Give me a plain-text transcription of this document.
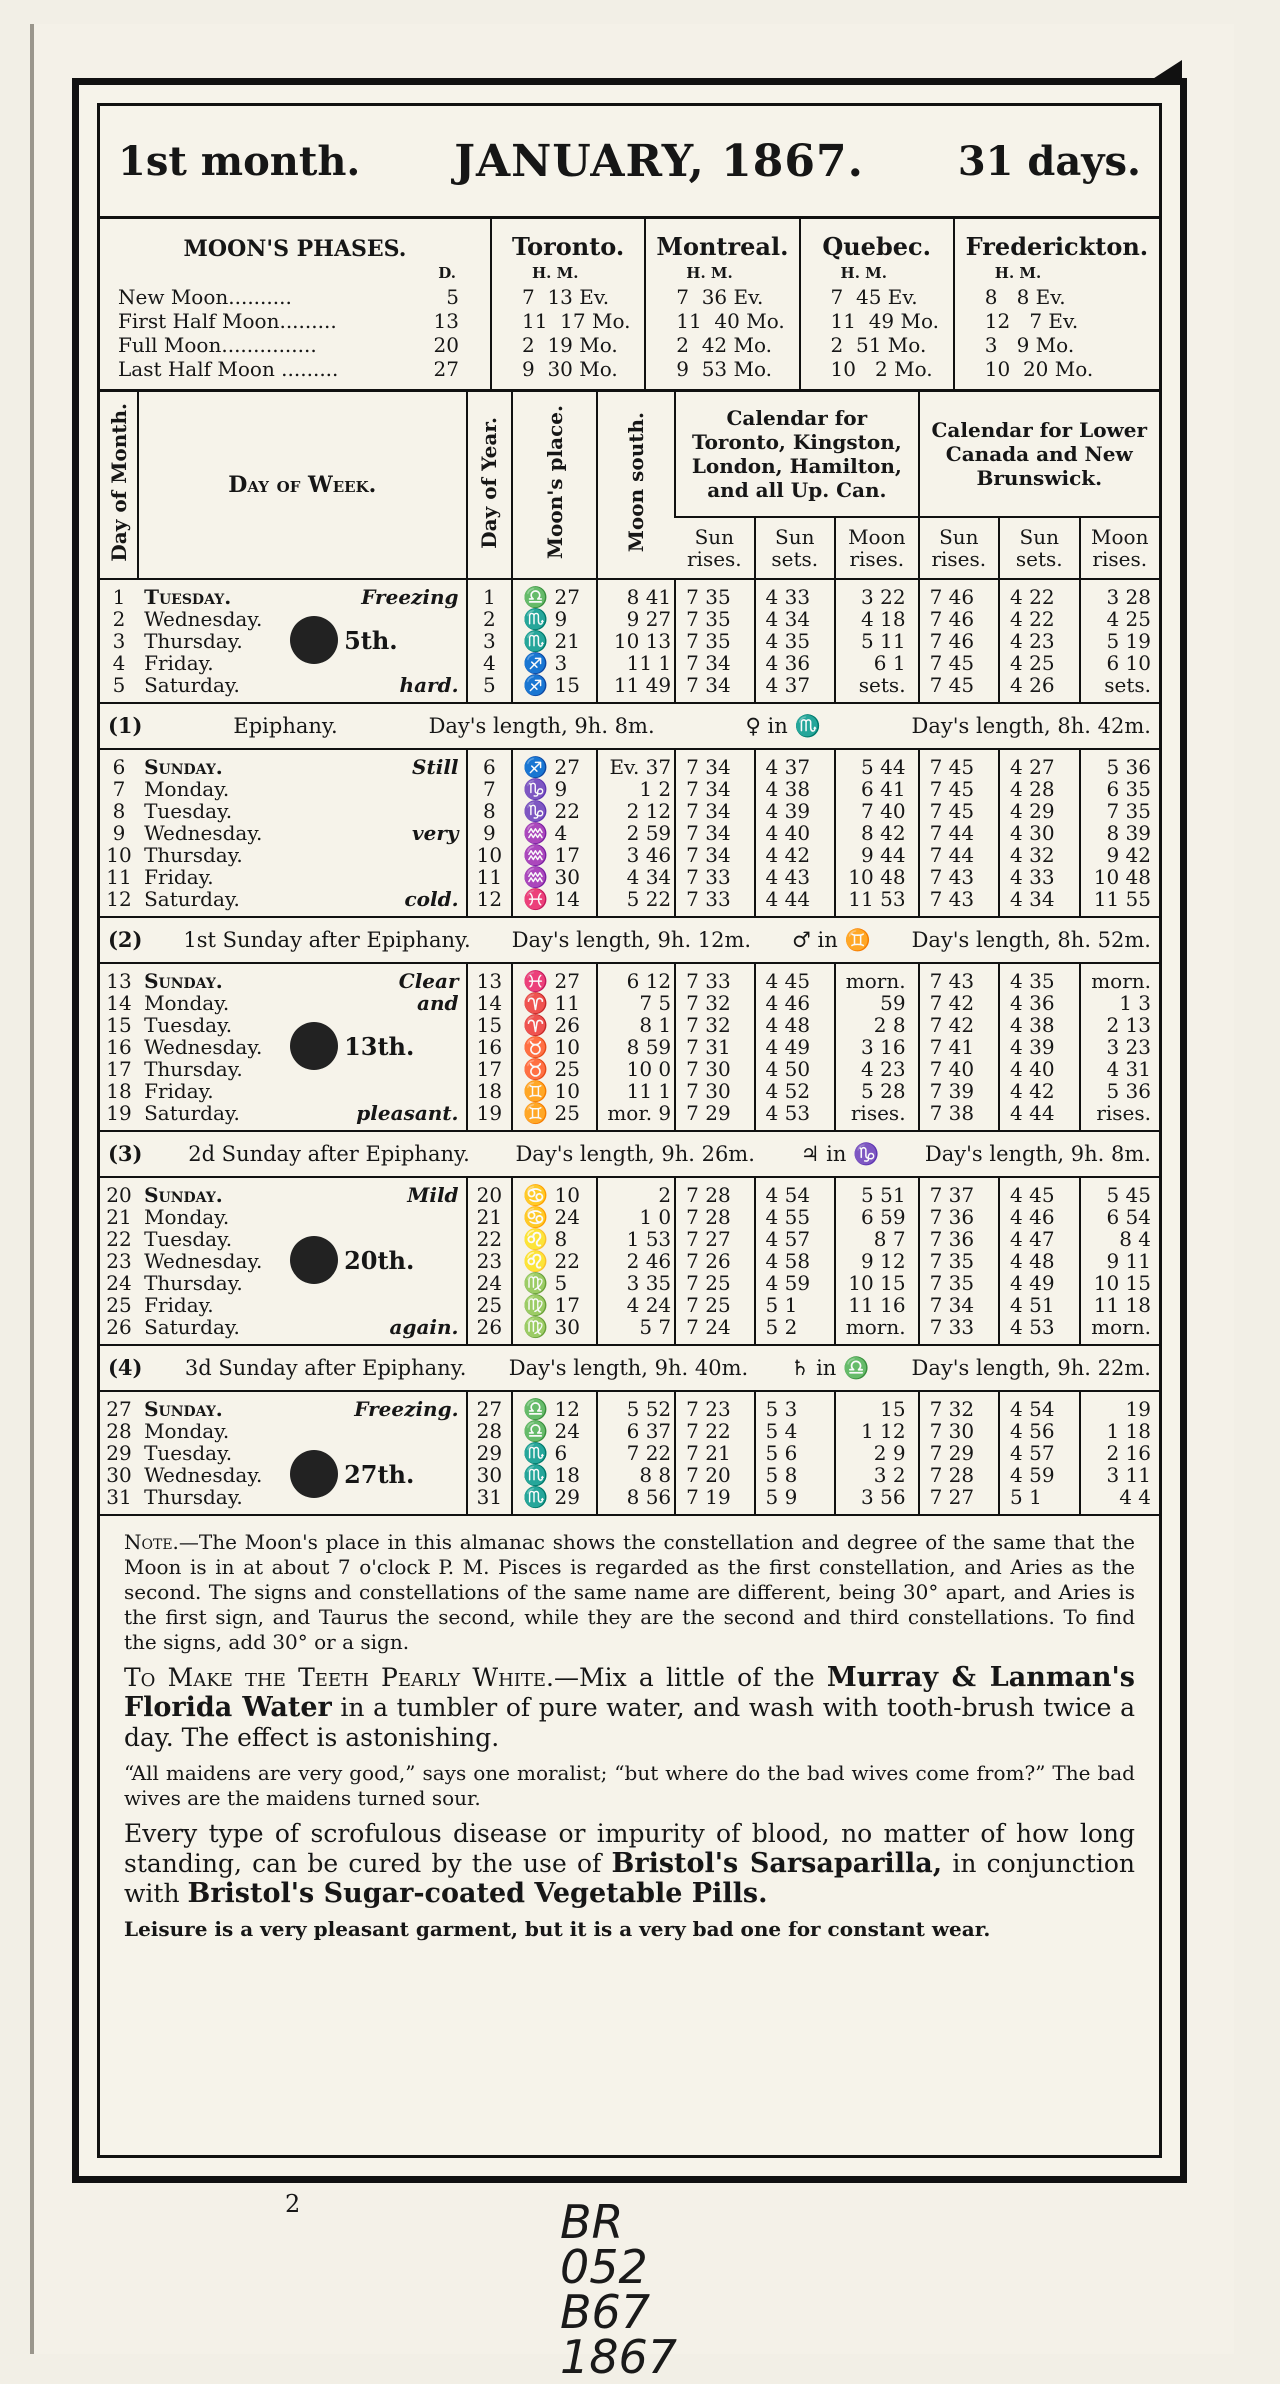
1st month. JANUARY, 1867. 31 days.
MOON'S PHASES.	Toronto.	Montreal.	Quebec.	Frederickton.
D.	H. M.	H. M.	H. M.	H. M.
New Moon.......... 5	7  13 Ev.	7  36 Ev.	7  45 Ev.	8   8 Ev.
First Half Moon......... 13	11  17 Mo.	11  40 Mo.	11  49 Mo.	12   7 Ev.
Full Moon............... 20	2  19 Mo.	2  42 Mo.	2  51 Mo.	3   9 Mo.
Last Half Moon ......... 27	9  30 Mo.	9  53 Mo.	10   2 Mo.	10  20 Mo.

Day of Month.	Day of Week.	Day of Year.	Moon's place.	Moon south.	Calendar for Toronto, Kingston, London, Hamilton, and all Up. Can.			Calendar for Lower Canada and New Brunswick.		
					Sun rises.	Sun sets.	Moon rises.	Sun rises.	Sun sets.	Moon rises.
1	Tuesday. Freezing	1	♎ 27	8 41	7 35	4 33	3 22	7 46	4 22	3 28
2	Wednesday.	2	♏ 9	9 27	7 35	4 34	4 18	7 46	4 22	4 25
3	Thursday. 5th.	3	♏ 21	10 13	7 35	4 35	5 11	7 46	4 23	5 19
4	Friday.	4	♐ 3	11 1	7 34	4 36	6 1	7 45	4 25	6 10
5	Saturday. hard.	5	♐ 15	11 49	7 34	4 37	sets.	7 45	4 26	sets.

(1) Epiphany. Day's length, 9h. 8m. ♀ in ♏ Day's length, 8h. 42m.										

6	Sunday. Still	6	♐ 27	Ev. 37	7 34	4 37	5 44	7 45	4 27	5 36
7	Monday.	7	♑ 9	1 2	7 34	4 38	6 41	7 45	4 28	6 35
8	Tuesday.	8	♑ 22	2 12	7 34	4 39	7 40	7 45	4 29	7 35
9	Wednesday. very	9	♒ 4	2 59	7 34	4 40	8 42	7 44	4 30	8 39
10	Thursday.	10	♒ 17	3 46	7 34	4 42	9 44	7 44	4 32	9 42
11	Friday.	11	♒ 30	4 34	7 33	4 43	10 48	7 43	4 33	10 48
12	Saturday. cold.	12	♓ 14	5 22	7 33	4 44	11 53	7 43	4 34	11 55

(2) 1st Sunday after Epiphany. Day's length, 9h. 12m. ♂ in ♊ Day's length, 8h. 52m.										

13	Sunday. Clear	13	♓ 27	6 12	7 33	4 45	morn.	7 43	4 35	morn.
14	Monday. and	14	♈ 11	7 5	7 32	4 46	59	7 42	4 36	1 3
15	Tuesday.	15	♈ 26	8 1	7 32	4 48	2 8	7 42	4 38	2 13
16	Wednesday. 13th.	16	♉ 10	8 59	7 31	4 49	3 16	7 41	4 39	3 23
17	Thursday.	17	♉ 25	10 0	7 30	4 50	4 23	7 40	4 40	4 31
18	Friday.	18	♊ 10	11 1	7 30	4 52	5 28	7 39	4 42	5 36
19	Saturday. pleasant.	19	♊ 25	mor. 9	7 29	4 53	rises.	7 38	4 44	rises.

(3) 2d Sunday after Epiphany. Day's length, 9h. 26m. ♃ in ♑ Day's length, 9h. 8m.										

20	Sunday. Mild	20	♋ 10	2	7 28	4 54	5 51	7 37	4 45	5 45
21	Monday.	21	♋ 24	1 0	7 28	4 55	6 59	7 36	4 46	6 54
22	Tuesday.	22	♌ 8	1 53	7 27	4 57	8 7	7 36	4 47	8 4
23	Wednesday. 20th.	23	♌ 22	2 46	7 26	4 58	9 12	7 35	4 48	9 11
24	Thursday.	24	♍ 5	3 35	7 25	4 59	10 15	7 35	4 49	10 15
25	Friday.	25	♍ 17	4 24	7 25	5 1	11 16	7 34	4 51	11 18
26	Saturday. again.	26	♍ 30	5 7	7 24	5 2	morn.	7 33	4 53	morn.

(4) 3d Sunday after Epiphany. Day's length, 9h. 40m. ♄ in ♎ Day's length, 9h. 22m.										

27	Sunday. Freezing.	27	♎ 12	5 52	7 23	5 3	15	7 32	4 54	19
28	Monday.	28	♎ 24	6 37	7 22	5 4	1 12	7 30	4 56	1 18
29	Tuesday.	29	♏ 6	7 22	7 21	5 6	2 9	7 29	4 57	2 16
30	Wednesday. 27th.	30	♏ 18	8 8	7 20	5 8	3 2	7 28	4 59	3 11
31	Thursday.	31	♏ 29	8 56	7 19	5 9	3 56	7 27	5 1	4 4

Note.—The Moon's place in this almanac shows the constellation and degree of the same that the Moon is in at about 7 o'clock P. M. Pisces is regarded as the first constellation, and Aries as the second. The signs and constellations of the same name are different, being 30° apart, and Aries is the first sign, and Taurus the second, while they are the second and third constellations. To find the signs, add 30° or a sign.

To Make the Teeth Pearly White.—Mix a little of the Murray & Lanman's Florida Water in a tumbler of pure water, and wash with tooth-brush twice a day. The effect is astonishing.

“All maidens are very good,” says one moralist; “but where do the bad wives come from?” The bad wives are the maidens turned sour.

Every type of scrofulous disease or impurity of blood, no matter of how long standing, can be cured by the use of Bristol's Sarsaparilla, in conjunction with Bristol's Sugar-coated Vegetable Pills.

Leisure is a very pleasant garment, but it is a very bad one for constant wear.

2	BR
052
B67
1867
